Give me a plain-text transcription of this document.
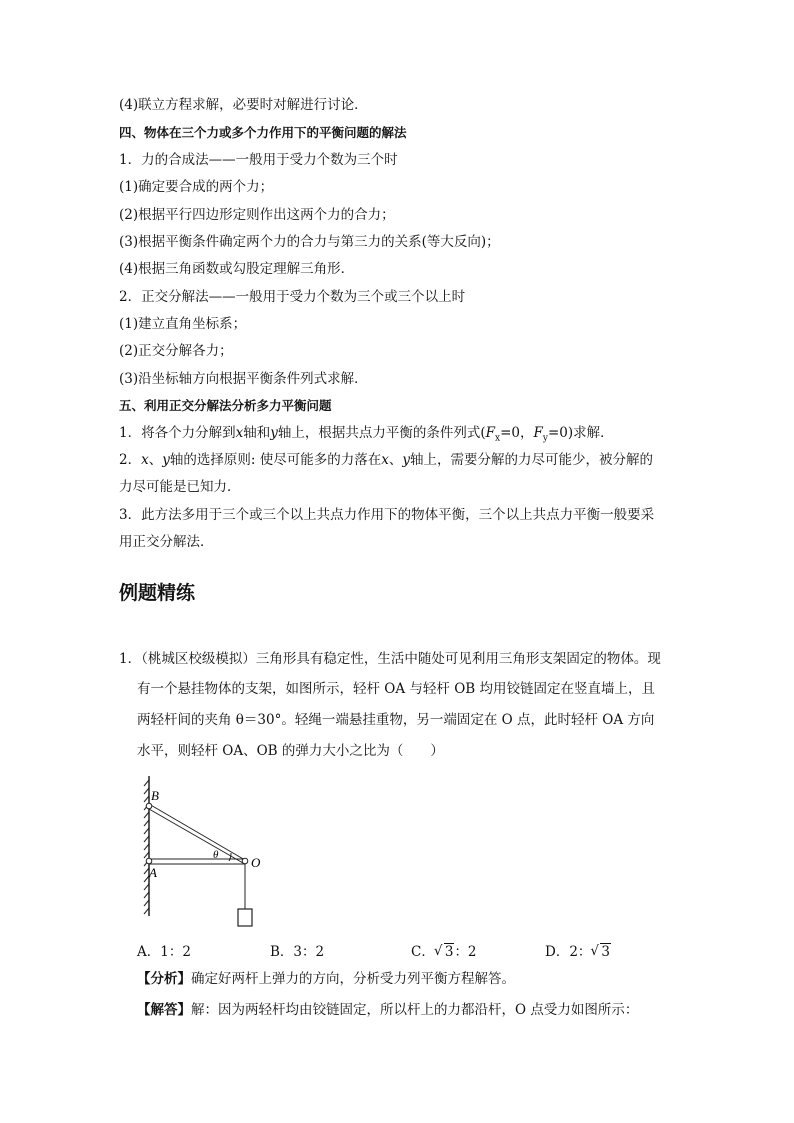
(4)联立方程求解，必要时对解进行讨论．
四、物体在三个力或多个力作用下的平衡问题的解法
1．力的合成法——一般用于受力个数为三个时
(1)确定要合成的两个力；
(2)根据平行四边形定则作出这两个力的合力；
(3)根据平衡条件确定两个力的合力与第三力的关系(等大反向)；
(4)根据三角函数或勾股定理解三角形．
2．正交分解法——一般用于受力个数为三个或三个以上时
(1)建立直角坐标系；
(2)正交分解各力；
(3)沿坐标轴方向根据平衡条件列式求解．
五、利用正交分解法分析多力平衡问题
1．将各个力分解到x轴和y轴上，根据共点力平衡的条件列式($F_x=0$，$F_y=0$)求解．
2．x、y轴的选择原则: 使尽可能多的力落在x、y轴上，需要分解的力尽可能少，被分解的
力尽可能是已知力．
3．此方法多用于三个或三个以上共点力作用下的物体平衡，三个以上共点力平衡一般要采
用正交分解法．
例题精练
1．（桃城区校级模拟）三角形具有稳定性，生活中随处可见利用三角形支架固定的物体。现
有一个悬挂物体的支架，如图所示，轻杆 OA 与轻杆 OB 均用铰链固定在竖直墙上，且
两轻杆间的夹角 θ＝30°。轻绳一端悬挂重物，另一端固定在 O 点，此时轻杆 OA 方向
水平，则轻杆 OA、OB 的弹力大小之比为（　　）
B
A
O
θ
A．1：2	B．3：2	C． √ 3：2	D．2： √ 3
【分析】确定好两杆上弹力的方向，分析受力列平衡方程解答。
【解答】解：因为两轻杆均由铰链固定，所以杆上的力都沿杆，O 点受力如图所示：
